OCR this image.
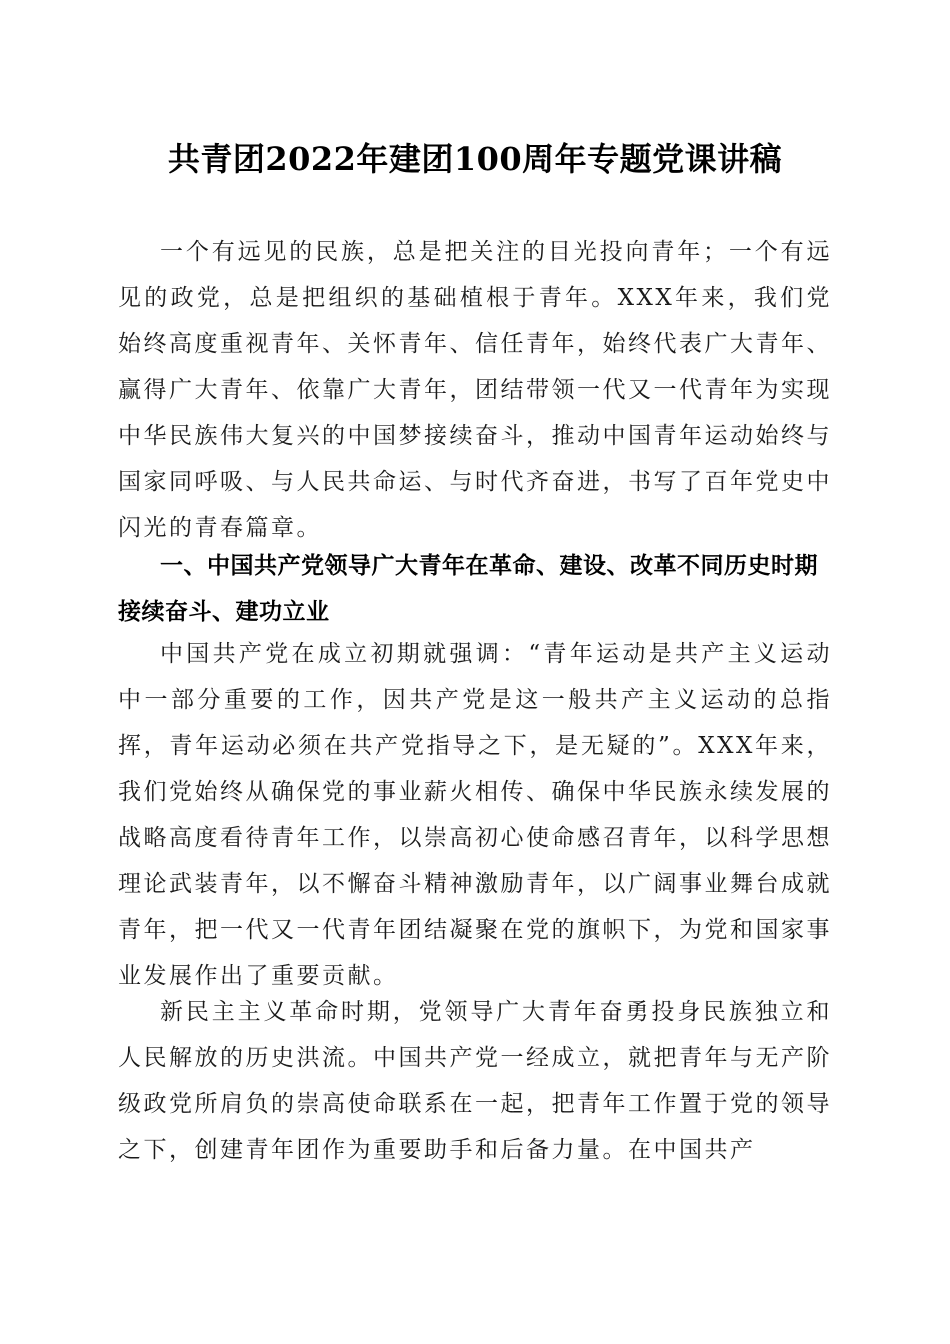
共青团2022年建团100周年专题党课讲稿

一个有远见的民族，总是把关注的目光投向青年；一个有远见的政党，总是把组织的基础植根于青年。XXX年来，我们党始终高度重视青年、关怀青年、信任青年，始终代表广大青年、赢得广大青年、依靠广大青年，团结带领一代又一代青年为实现中华民族伟大复兴的中国梦接续奋斗，推动中国青年运动始终与国家同呼吸、与人民共命运、与时代齐奋进，书写了百年党史中闪光的青春篇章。

一、中国共产党领导广大青年在革命、建设、改革不同历史时期接续奋斗、建功立业

中国共产党在成立初期就强调：“青年运动是共产主义运动中一部分重要的工作，因共产党是这一般共产主义运动的总指挥，青年运动必须在共产党指导之下，是无疑的”。XXX年来，我们党始终从确保党的事业薪火相传、确保中华民族永续发展的战略高度看待青年工作，以崇高初心使命感召青年，以科学思想理论武装青年，以不懈奋斗精神激励青年，以广阔事业舞台成就青年，把一代又一代青年团结凝聚在党的旗帜下，为党和国家事业发展作出了重要贡献。

新民主主义革命时期，党领导广大青年奋勇投身民族独立和人民解放的历史洪流。中国共产党一经成立，就把青年与无产阶级政党所肩负的崇高使命联系在一起，把青年工作置于党的领导之下，创建青年团作为重要助手和后备力量。在中国共产
